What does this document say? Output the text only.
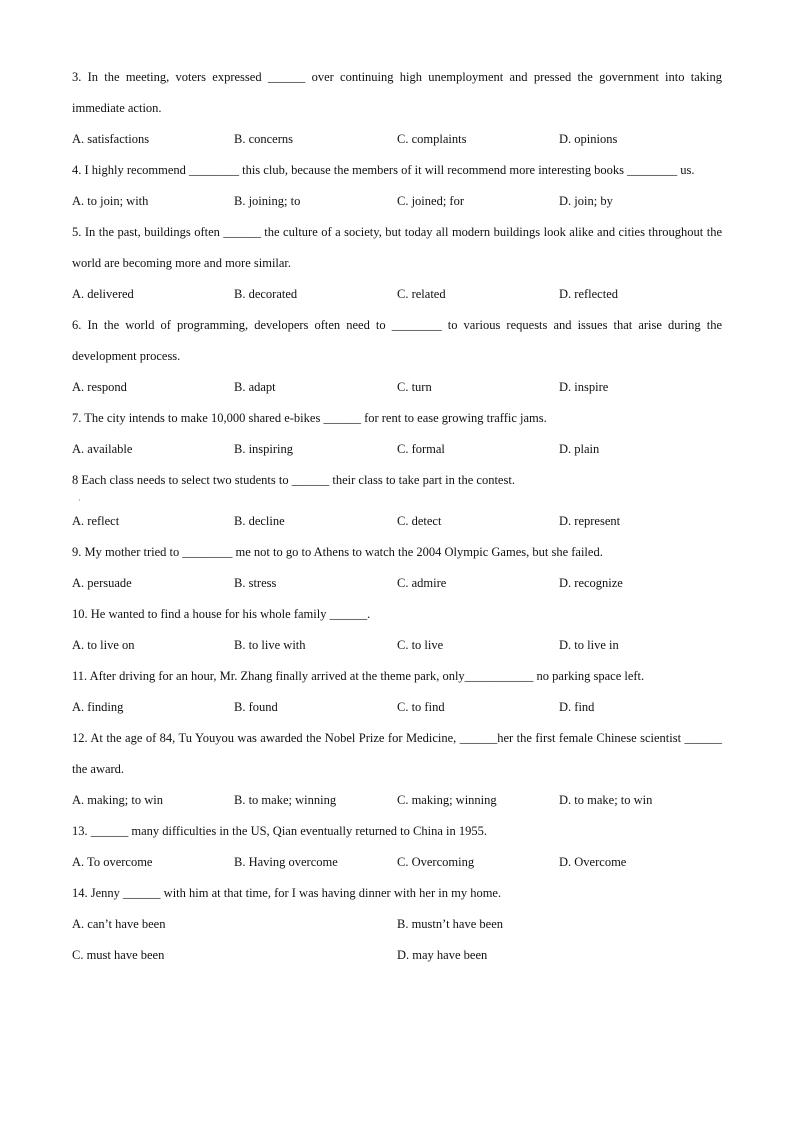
3. In the meeting, voters expressed ______ over continuing high unemployment and pressed the government into taking immediate action.
A. satisfactions	B. concerns	C. complaints	D. opinions
4. I highly recommend ________ this club, because the members of it will recommend more interesting books ________ us.
A. to join; with	B. joining; to	C. joined; for	D. join; by
5. In the past, buildings often ______ the culture of a society, but today all modern buildings look alike and cities throughout the world are becoming more and more similar.
A. delivered	B. decorated	C. related	D. reflected
6. In the world of programming, developers often need to ________ to various requests and issues that arise during the development process.
A. respond	B. adapt	C. turn	D. inspire
7. The city intends to make 10,000 shared e-bikes ______ for rent to ease growing traffic jams.
A. available	B. inspiring	C. formal	D. plain
8 Each class needs to select two students to ______ their class to take part in the contest.
·
A. reflect	B. decline	C. detect	D. represent
9. My mother tried to ________ me not to go to Athens to watch the 2004 Olympic Games, but she failed.
A. persuade	B. stress	C. admire	D. recognize
10. He wanted to find a house for his whole family ______.
A. to live on	B. to live with	C. to live	D. to live in
11. After driving for an hour, Mr. Zhang finally arrived at the theme park, only___________ no parking space left.
A. finding	B. found	C. to find	D. find
12. At the age of 84, Tu Youyou was awarded the Nobel Prize for Medicine, ______her the first female Chinese scientist ______ the award.
A. making; to win	B. to make; winning	C. making; winning	D. to make; to win
13. ______ many difficulties in the US, Qian eventually returned to China in 1955.
A. To overcome	B. Having overcome	C. Overcoming	D. Overcome
14. Jenny ______ with him at that time, for I was having dinner with her in my home.
A. can’t have been	B. mustn’t have been
C. must have been	D. may have been
